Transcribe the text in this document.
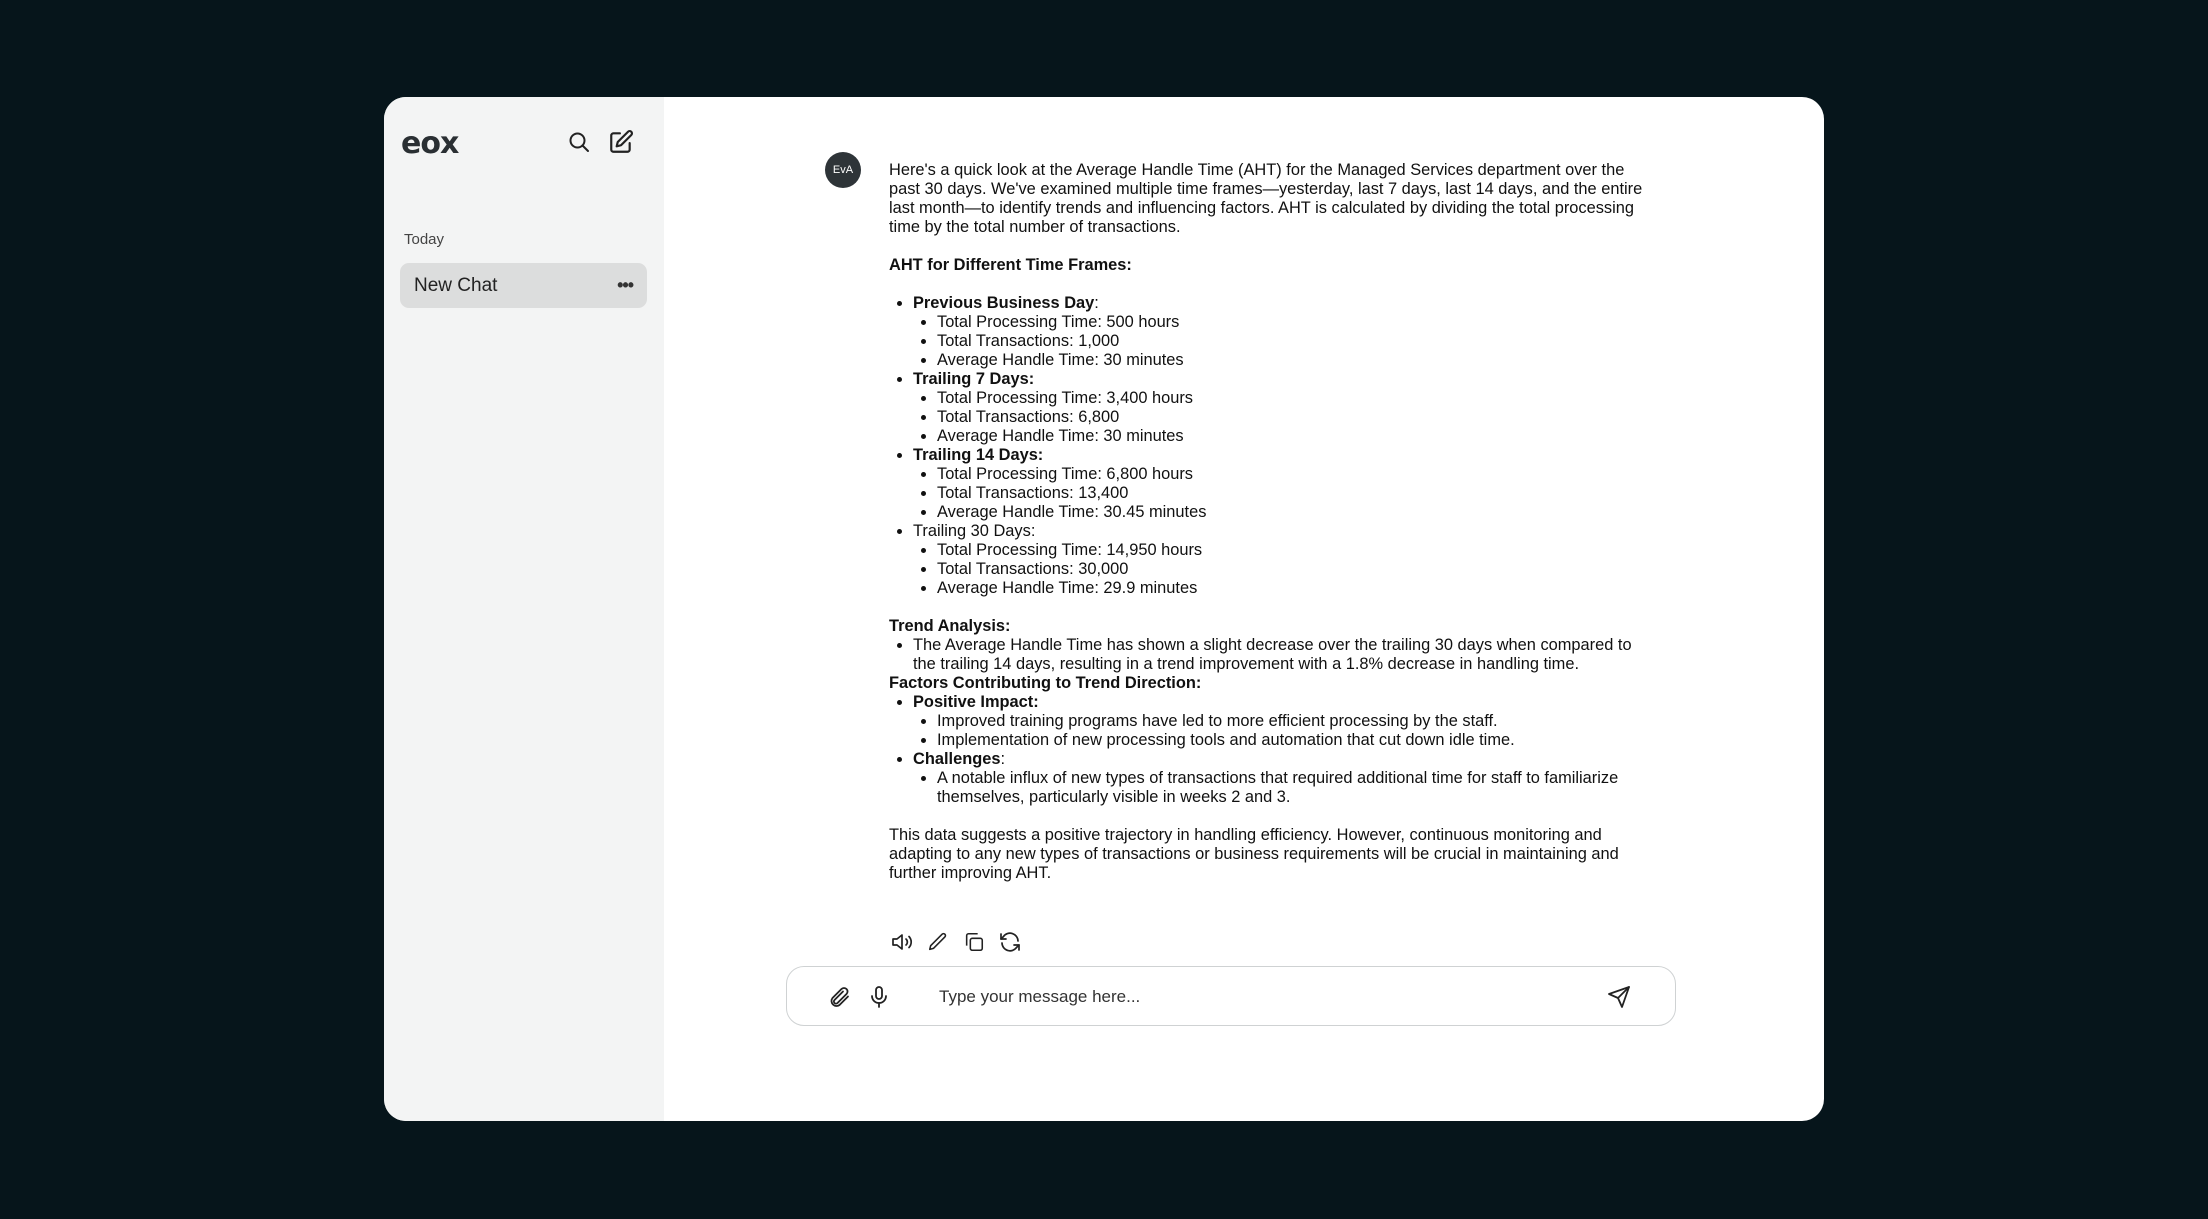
eox
Today
New Chat	•••
EvA	Here's a quick look at the Average Handle Time (AHT) for the Managed Services department over the past 30 days. We've examined multiple time frames—yesterday, last 7 days, last 14 days, and the entire last month—to identify trends and influencing factors. AHT is calculated by dividing the total processing time by the total number of transactions.

AHT for Different Time Frames:
• Previous Business Day:
• Total Processing Time: 500 hours
• Total Transactions: 1,000
• Average Handle Time: 30 minutes
• Trailing 7 Days:
• Total Processing Time: 3,400 hours
• Total Transactions: 6,800
• Average Handle Time: 30 minutes
• Trailing 14 Days:
• Total Processing Time: 6,800 hours
• Total Transactions: 13,400
• Average Handle Time: 30.45 minutes
• Trailing 30 Days:
• Total Processing Time: 14,950 hours
• Total Transactions: 30,000
• Average Handle Time: 29.9 minutes
Trend Analysis:
• The Average Handle Time has shown a slight decrease over the trailing 30 days when compared to the trailing 14 days, resulting in a trend improvement with a 1.8% decrease in handling time.
Factors Contributing to Trend Direction:
• Positive Impact:
• Improved training programs have led to more efficient processing by the staff.
• Implementation of new processing tools and automation that cut down idle time.
• Challenges:
• A notable influx of new types of transactions that required additional time for staff to familiarize themselves, particularly visible in weeks 2 and 3.

This data suggests a positive trajectory in handling efficiency. However, continuous monitoring and adapting to any new types of transactions or business requirements will be crucial in maintaining and further improving AHT.

Type your message here...
